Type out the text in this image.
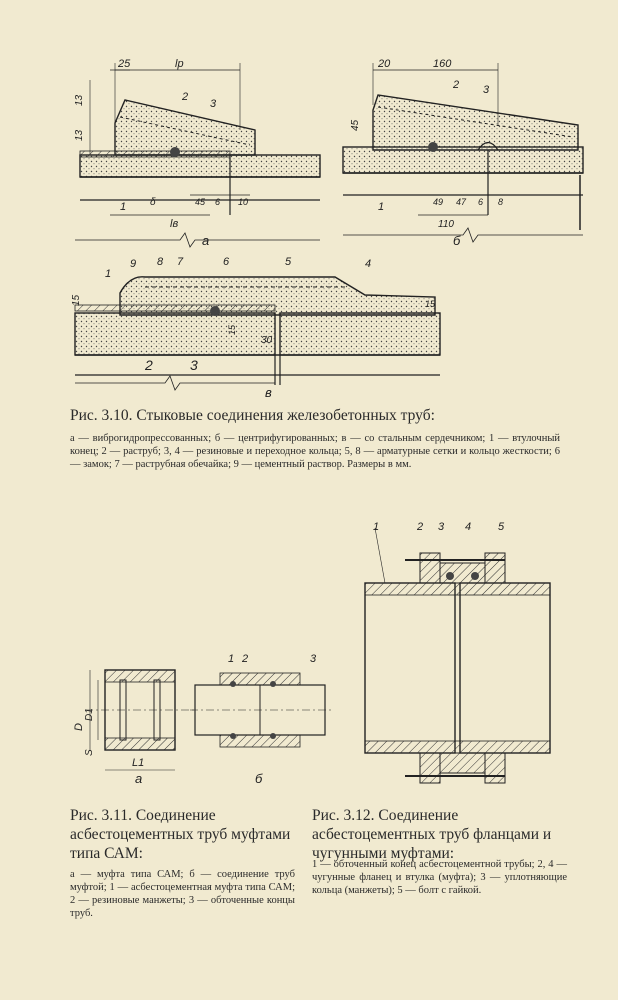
25	lp
13
13
δ
lв
45 6 10
1
2
3
а
20	160
45
110
49 47 6 8
1
2 3
б
15
30
15
15
1
9 8 7	6	5	4
2	3
в
Рис. 3.10. Стыковые соединения железобетонных труб:
а — виброгидропрессованных; б — центрифугированных; в — со стальным сердечником; 1 — втулочный конец; 2 — раструб; 3, 4 — резиновые и переходное кольца; 5, 8 — арматурные сетки и кольцо жесткости; 6 — замок; 7 — раструбная обечайка; 9 — цементный раствор. Размеры в мм.
D
D1
S
L1
а
1 2	3
б
Рис. 3.11. Соединение асбестоцементных труб муфтами типа САМ:
а — муфта типа САМ; б — соединение труб муфтой; 1 — асбестоцементная муфта типа САМ; 2 — резиновые манжеты; 3 — обточенные концы труб.
1	2 3 4 5
Рис. 3.12. Соединение асбестоцементных труб фланцами и чугунными муфтами:
1 — обточенный конец асбестоцементной трубы; 2, 4 — чугунные фланец и втулка (муфта); 3 — уплотняющие кольца (манжеты); 5 — болт с гайкой.
